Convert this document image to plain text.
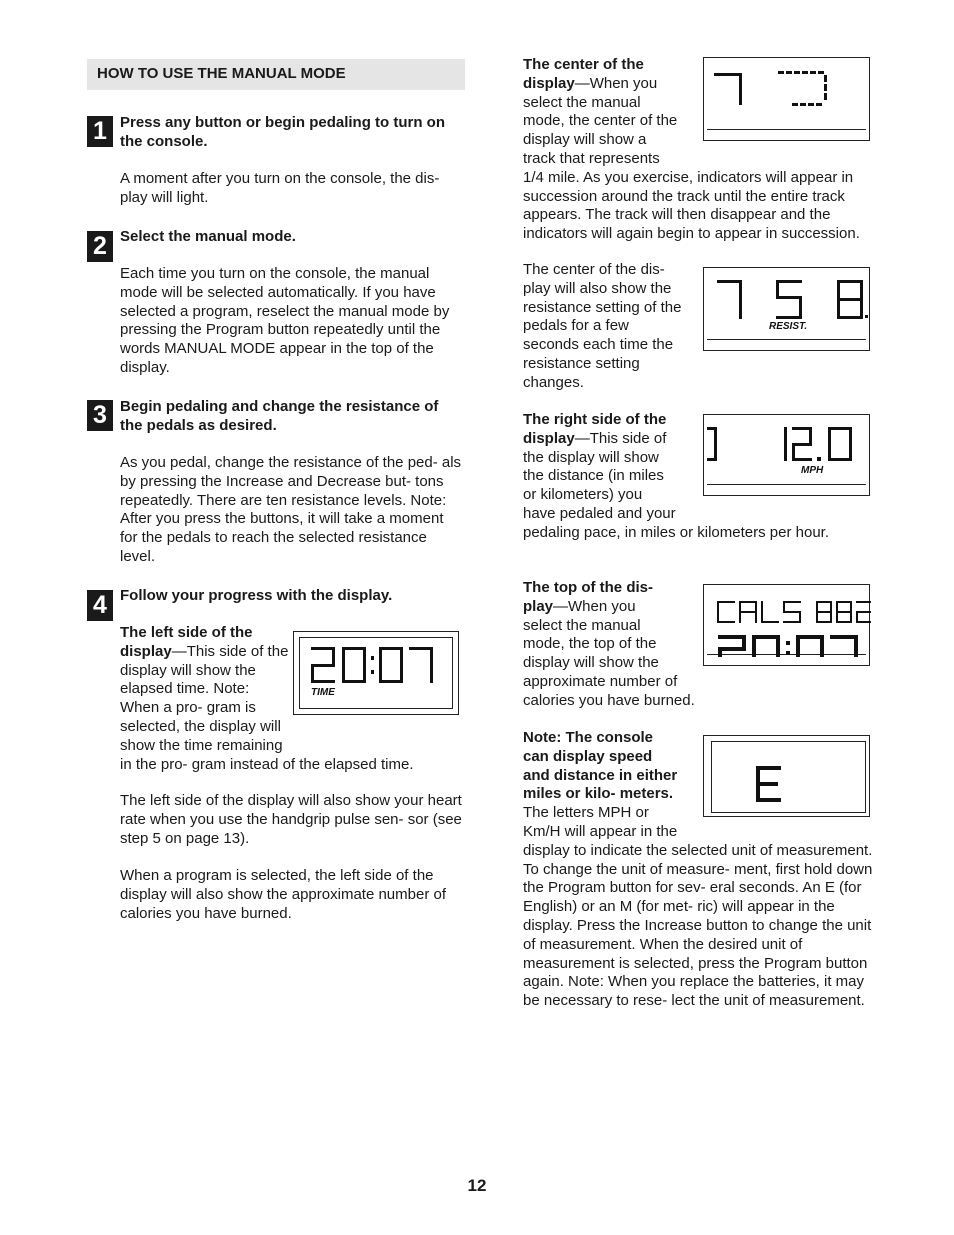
HOW TO USE THE MANUAL MODE
1 Press any button or begin pedaling to turn on the console.

A moment after you turn on the console, the dis- play will light.

2 Select the manual mode.

Each time you turn on the console, the manual mode will be selected automatically. If you have selected a program, reselect the manual mode by pressing the Program button repeatedly until the words MANUAL MODE appear in the top of the display.

3 Begin pedaling and change the resistance of the pedals as desired.

As you pedal, change the resistance of the ped- als by pressing the Increase and Decrease but- tons repeatedly. There are ten resistance levels. Note: After you press the buttons, it will take a moment for the pedals to reach the selected resistance level.

4 Follow your progress with the display.

The left side of the display—This side of the display will show the elapsed time. Note: When a pro- gram is selected, the display will show the time remaining in the pro- gram instead of the elapsed time.
TIME

The left side of the display will also show your heart rate when you use the handgrip pulse sen- sor (see step 5 on page 13).

When a program is selected, the left side of the display will also show the approximate number of calories you have burned.

The center of the display—When you select the manual mode, the center of the display will show a track that represents 1/4 mile. As you exercise, indicators will appear in succession around the track until the entire track appears. The track will then disappear and the indicators will again begin to appear in succession.

The center of the dis- play will also show the resistance setting of the pedals for a few seconds each time the resistance setting changes.

RESIST.
The right side of the display—This side of the display will show the distance (in miles or kilometers) you have pedaled and your pedaling pace, in miles or kilometers per hour.
MPH
The top of the dis- play—When you select the manual mode, the top of the display will show the approximate number of calories you have burned.
Note: The console can display speed and distance in either miles or kilo- meters. The letters MPH or Km/H will appear in the display to indicate the selected unit of measurement. To change the unit of measure- ment, first hold down the Program button for sev- eral seconds. An E (for English) or an M (for met- ric) will appear in the display. Press the Increase button to change the unit of measurement. When the desired unit of measurement is selected, press the Program button again. Note: When you replace the batteries, it may be necessary to rese- lect the unit of measurement.
12
